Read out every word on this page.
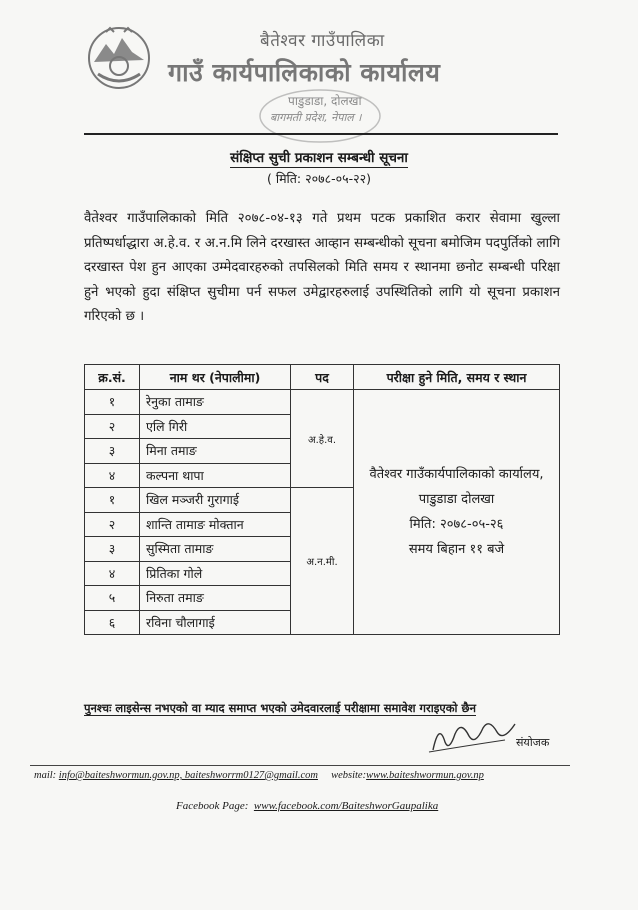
बैतेश्वर गाउँपालिका
गाउँ कार्यपालिकाको कार्यालय
पाडुडाडा, दोलखा
बागमती प्रदेश, नेपाल ।
संक्षिप्त सुची प्रकाशन सम्बन्धी सूचना
( मिति: २०७८-०५-२२)
वैतेश्वर गाउँपालिकाको मिति २०७८-०४-१३ गते प्रथम पटक प्रकाशित करार सेवामा खुल्ला प्रतिष्पर्धाद्धारा अ.हे.व. र अ.न.मि लिने दरखास्त आव्हान सम्बन्धीको सूचना बमोजिम पदपुर्तिको लागि दरखास्त पेश हुन आएका उम्मेदवारहरुको तपसिलको मिति समय र स्थानमा छनोट सम्बन्धी परिक्षा हुने भएको हुदा संक्षिप्त सुचीमा पर्न सफल उमेद्वारहरुलाई उपस्थितिको लागि यो सूचना प्रकाशन गरिएको छ ।
क्र.सं.	नाम थर (नेपालीमा)	पद	परीक्षा हुने मिति, समय र स्थान
१	रेनुका तामाङ	अ.हे.व.	वैतेश्वर गाउँकार्यपालिकाको कार्यालय,
पाडुडाडा दोलखा
मिति: २०७८-०५-२६
समय बिहान ११ बजे

२	एलि गिरी		
३	मिना तमाङ		
४	कल्पना थापा		
१	खिल मञ्जरी गुरागाई	अ.न.मी.	
२	शान्ति तामाङ मोक्तान		
३	सुस्मिता तामाङ		
४	प्रितिका गोले		
५	निरुता तमाङ		
६	रविना चौलागाई		
पुनश्चः लाइसेन्स नभएको वा म्याद समाप्त भएको उमेदवारलाई परीक्षामा समावेश गराइएको छैन
संयोजक
mail: info@baiteshwormun.gov.np, baiteshworrm0127@gmail.com website:www.baiteshwormun.gov.np
Facebook Page: www.facebook.com/BaiteshworGaupalika
